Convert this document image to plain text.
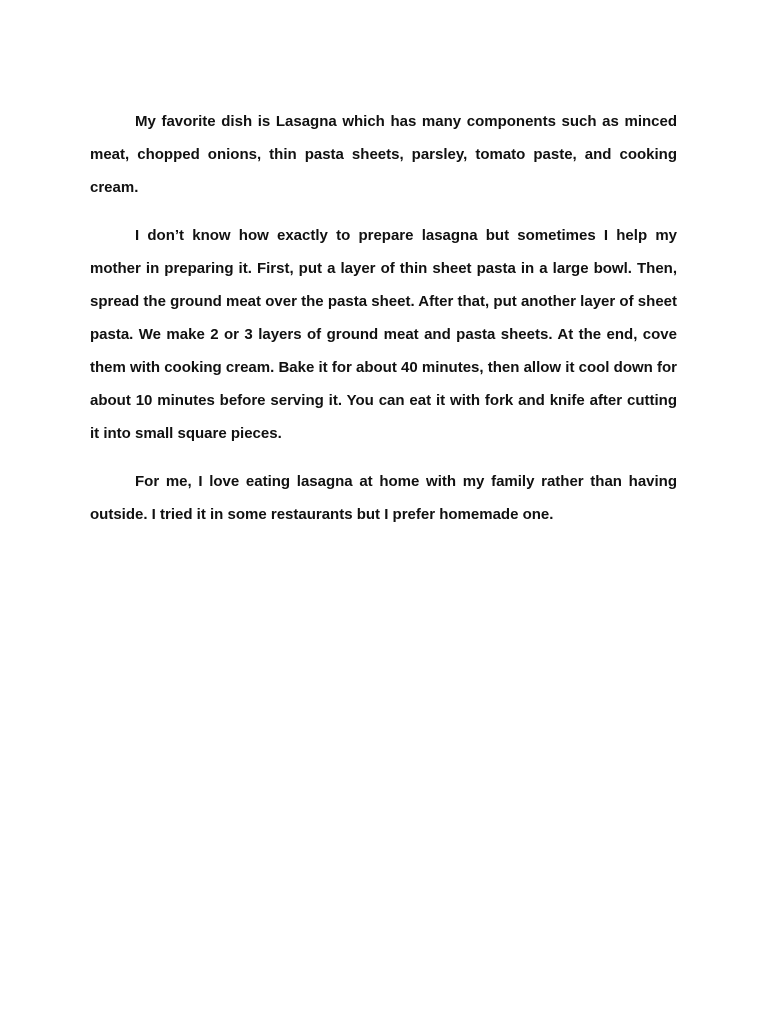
My favorite dish is Lasagna which has many components such as minced meat, chopped onions, thin pasta sheets, parsley, tomato paste, and cooking cream.

I don’t know how exactly to prepare lasagna but sometimes I help my mother in preparing it. First, put a layer of thin sheet pasta in a large bowl. Then, spread the ground meat over the pasta sheet. After that, put another layer of sheet pasta. We make 2 or 3 layers of ground meat and pasta sheets. At the end, cove them with cooking cream. Bake it for about 40 minutes, then allow it cool down for about 10 minutes before serving it. You can eat it with fork and knife after cutting it into small square pieces.

For me, I love eating lasagna at home with my family rather than having outside. I tried it in some restaurants but I prefer homemade one.
